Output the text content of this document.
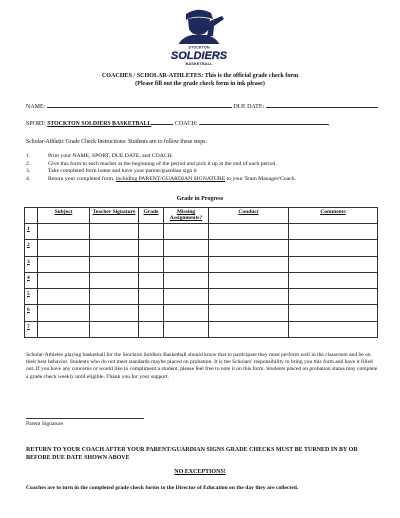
STOCKTON
SOLDIERS
BASKETBALL
COACHES / SCHOLAR-ATHLETES: This is the official grade check form
(Please fill out the grade check form in ink please)
NAME:	DUE DATE:
SPORT: STOCKTON SOLDIERS BASKETBALL	COACH:
Scholar-Athletic Grade Check Instructions: Students are to follow these steps:
1.	Print your NAME, SPORT, DUE DATE, and COACH.
2.	Give this form to each teacher at the beginning of the period and pick it up at the end of each period.
3.	Take completed form home and have your parent/guardian sign it
4.	Return your completed form, including PARENT/GUARDIAN SIGNATURE to your Team Manager/Coach.
Grade in Progress
	Subject	Teacher Signature	Grade	Missing Assignments?	Conduct	Comments
1						
2						
3						
4						
5						
6						
7						
Scholar-Athletes playing basketball for the Stockton Soldiers Basketball should know that to participate they must perform well in the classroom and be on their best behavior. Students who do not meet standards maybe placed on probation. It is the Scholars' responsibility to bring you this form and have it filled out. If you have any concerns or would like to compliment a student, please feel free to note it on this form. Students placed on probation status may complete a grade check weekly until eligible. Thank you for your support.
Parent Signature
RETURN TO YOUR COACH AFTER YOUR PARENT/GUARDIAN SIGNS GRADE CHECKS MUST BE TURNED IN BY OR BEFORE DUE DATE SHOWN ABOVE
NO EXCEPTIONS!
Coaches are to turn in the completed grade check forms to the Director of Education on the day they are collected.
